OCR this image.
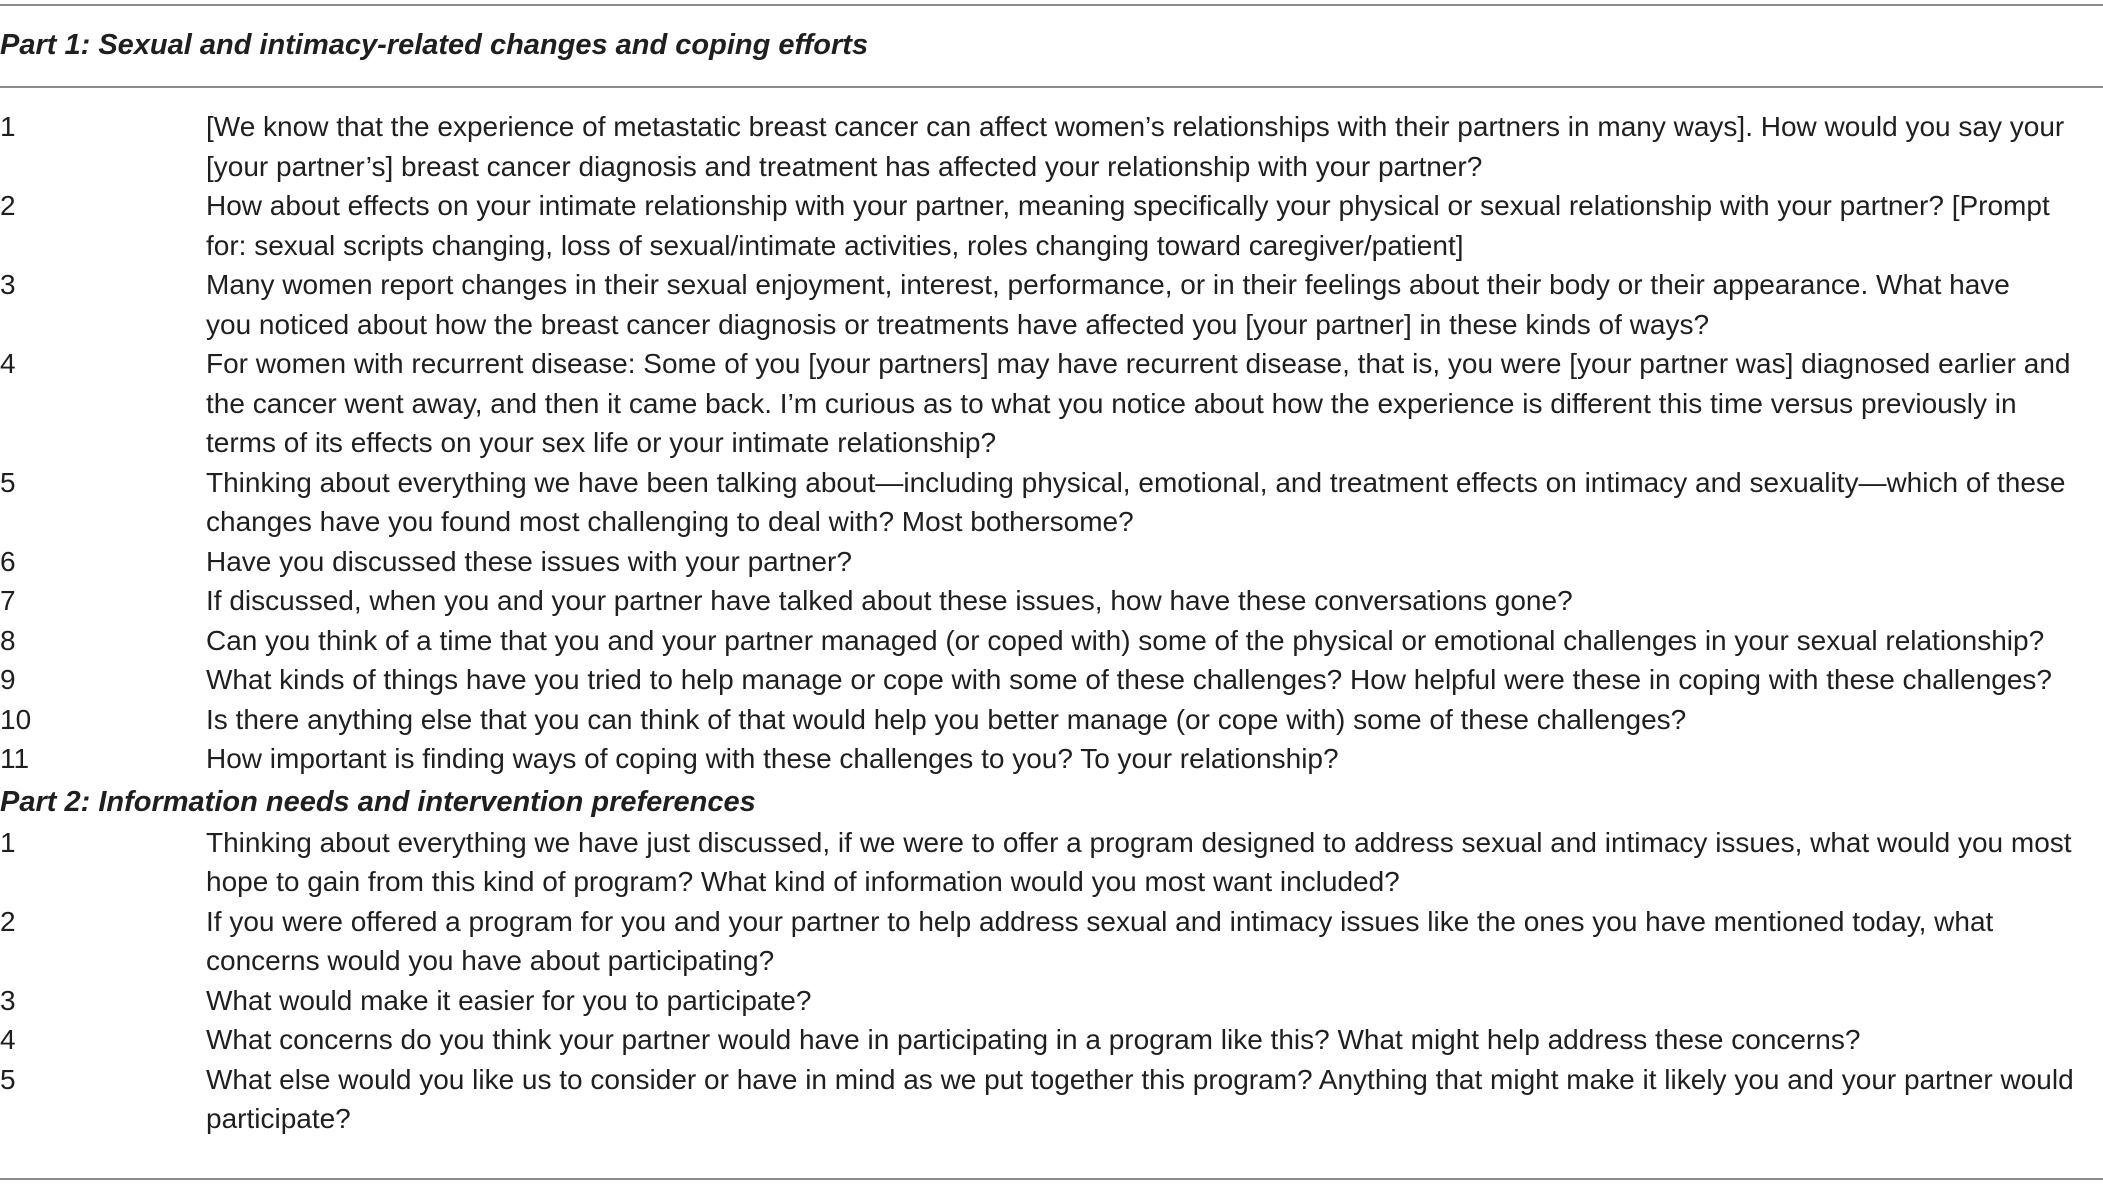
Part 1: Sexual and intimacy-related changes and coping efforts
1	[We know that the experience of metastatic breast cancer can affect women’s relationships with their partners in many ways]. How would you say your
[your partner’s] breast cancer diagnosis and treatment has affected your relationship with your partner?
2	How about effects on your intimate relationship with your partner, meaning specifically your physical or sexual relationship with your partner? [Prompt
for: sexual scripts changing, loss of sexual/intimate activities, roles changing toward caregiver/patient]
3	Many women report changes in their sexual enjoyment, interest, performance, or in their feelings about their body or their appearance. What have
you noticed about how the breast cancer diagnosis or treatments have affected you [your partner] in these kinds of ways?
4	For women with recurrent disease: Some of you [your partners] may have recurrent disease, that is, you were [your partner was] diagnosed earlier and
the cancer went away, and then it came back. I’m curious as to what you notice about how the experience is different this time versus previously in
terms of its effects on your sex life or your intimate relationship?
5	Thinking about everything we have been talking about—including physical, emotional, and treatment effects on intimacy and sexuality—which of these
changes have you found most challenging to deal with? Most bothersome?
6	Have you discussed these issues with your partner?
7	If discussed, when you and your partner have talked about these issues, how have these conversations gone?
8	Can you think of a time that you and your partner managed (or coped with) some of the physical or emotional challenges in your sexual relationship?
9	What kinds of things have you tried to help manage or cope with some of these challenges? How helpful were these in coping with these challenges?
10	Is there anything else that you can think of that would help you better manage (or cope with) some of these challenges?
11	How important is finding ways of coping with these challenges to you? To your relationship?
Part 2: Information needs and intervention preferences
1	Thinking about everything we have just discussed, if we were to offer a program designed to address sexual and intimacy issues, what would you most
hope to gain from this kind of program? What kind of information would you most want included?
2	If you were offered a program for you and your partner to help address sexual and intimacy issues like the ones you have mentioned today, what
concerns would you have about participating?
3	What would make it easier for you to participate?
4	What concerns do you think your partner would have in participating in a program like this? What might help address these concerns?
5	What else would you like us to consider or have in mind as we put together this program? Anything that might make it likely you and your partner would
participate?
